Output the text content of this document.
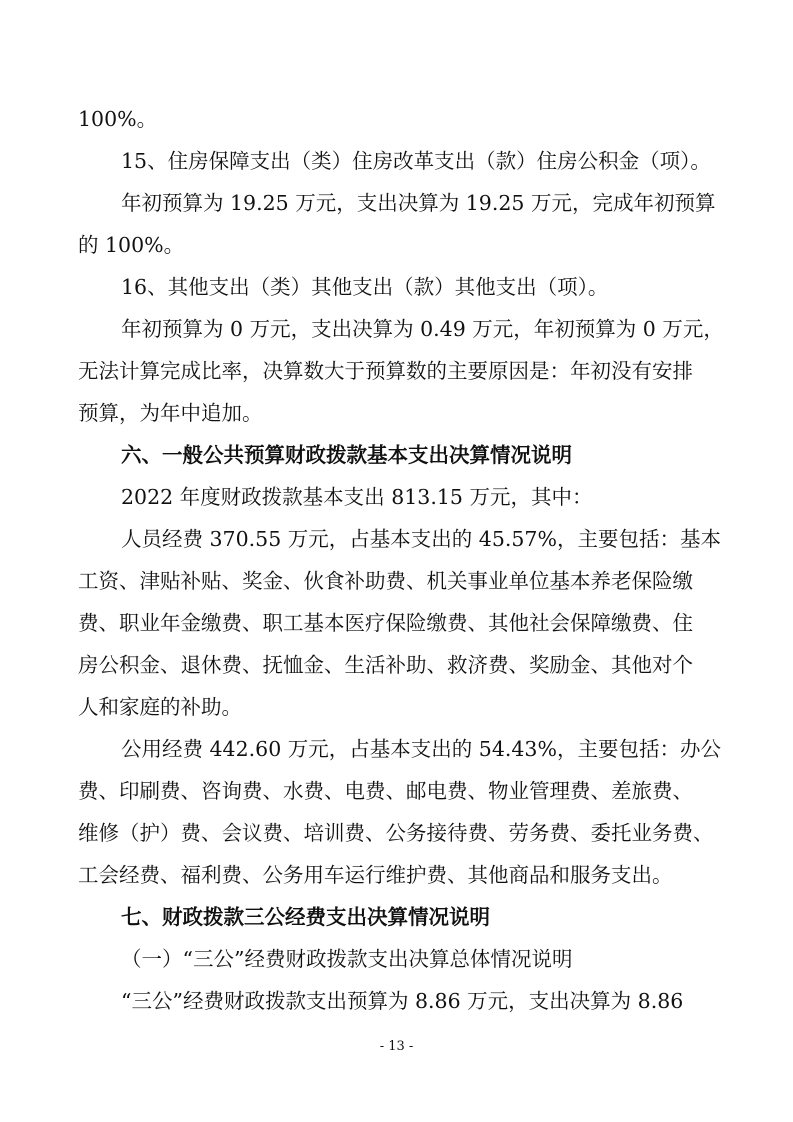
100%。
15、住房保障支出（类）住房改革支出（款）住房公积金（项）。
年初预算为 19.25 万元，支出决算为 19.25 万元，完成年初预算
的 100%。
16、其他支出（类）其他支出（款）其他支出（项）。
年初预算为 0 万元，支出决算为 0.49 万元，年初预算为 0 万元，
无法计算完成比率，决算数大于预算数的主要原因是：年初没有安排
预算，为年中追加。
六、一般公共预算财政拨款基本支出决算情况说明
2022 年度财政拨款基本支出 813.15 万元，其中：
人员经费 370.55 万元，占基本支出的 45.57%，主要包括：基本
工资、津贴补贴、奖金、伙食补助费、机关事业单位基本养老保险缴
费、职业年金缴费、职工基本医疗保险缴费、其他社会保障缴费、住
房公积金、退休费、抚恤金、生活补助、救济费、奖励金、其他对个
人和家庭的补助。
公用经费 442.60 万元，占基本支出的 54.43%，主要包括：办公
费、印刷费、咨询费、水费、电费、邮电费、物业管理费、差旅费、
维修（护）费、会议费、培训费、公务接待费、劳务费、委托业务费、
工会经费、福利费、公务用车运行维护费、其他商品和服务支出。
七、财政拨款三公经费支出决算情况说明
（一）“三公”经费财政拨款支出决算总体情况说明
“三公”经费财政拨款支出预算为 8.86 万元，支出决算为 8.86
- 13 -
